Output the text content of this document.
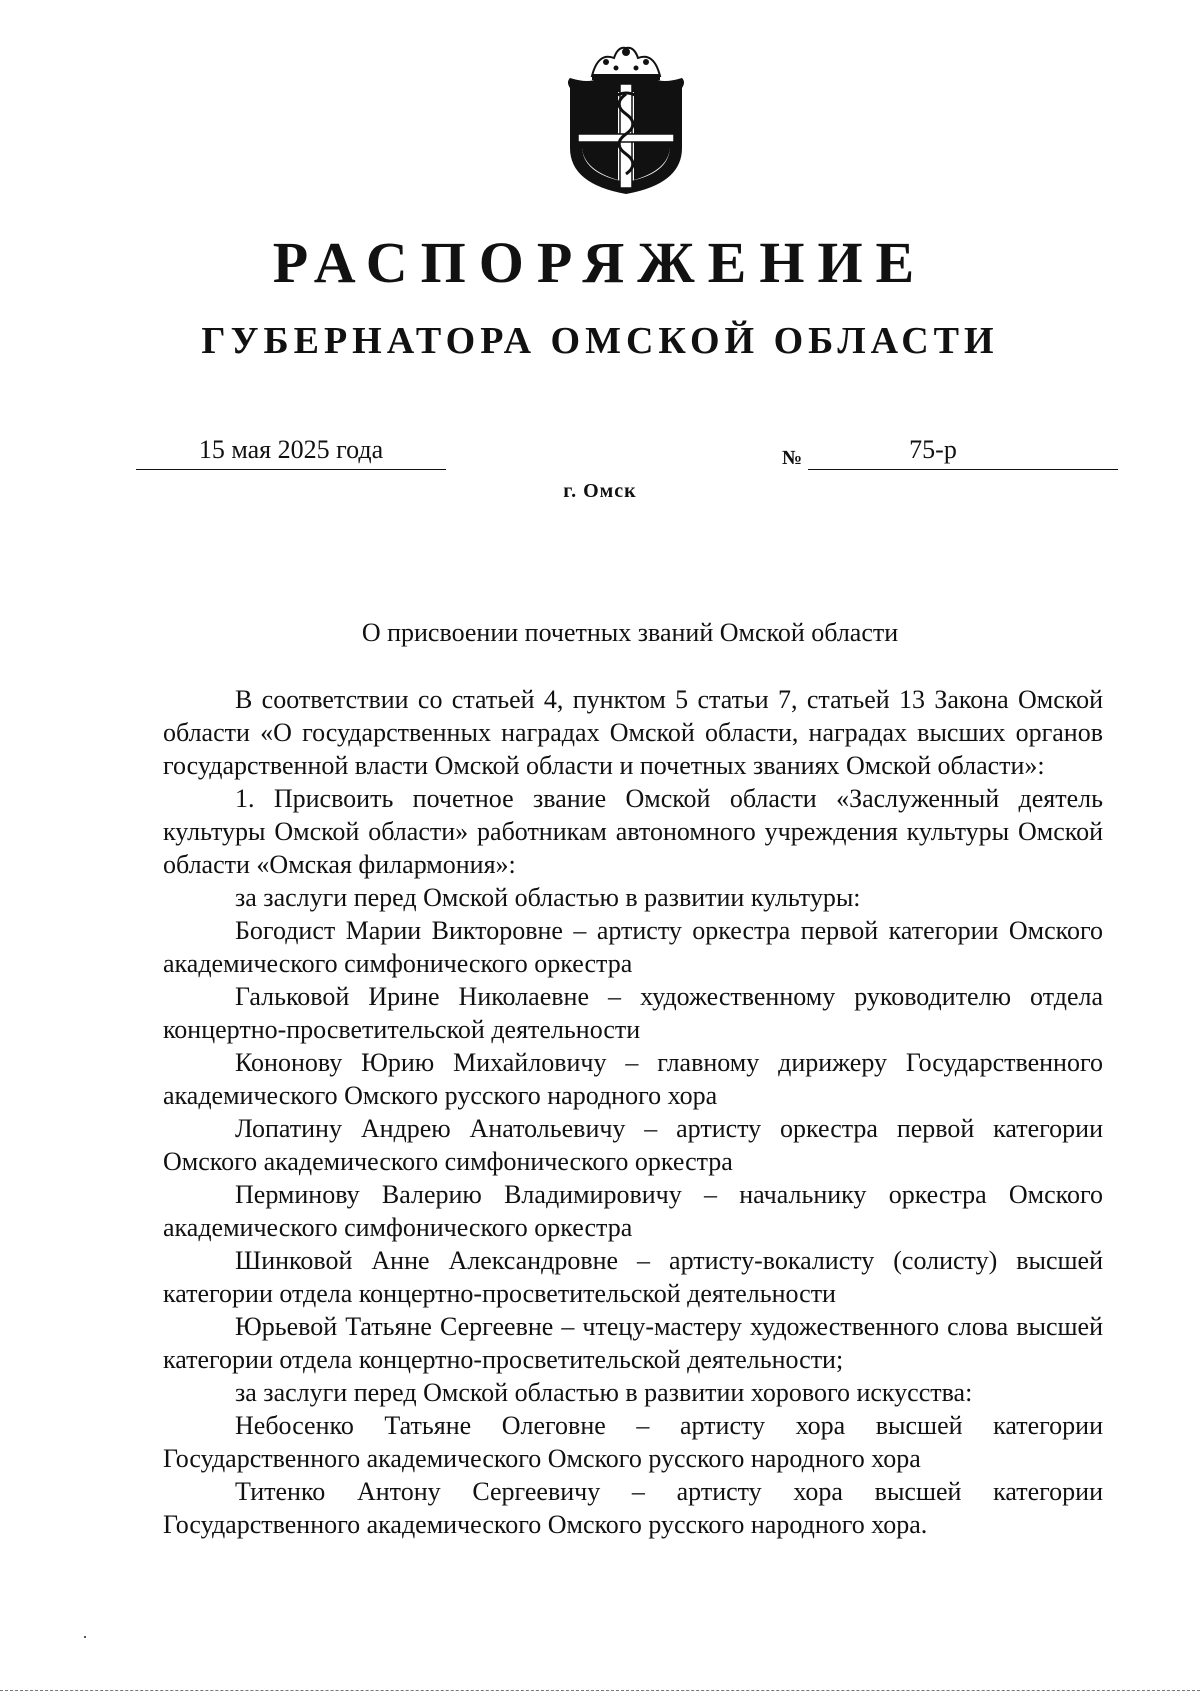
РАСПОРЯЖЕНИЕ
ГУБЕРНАТОРА ОМСКОЙ ОБЛАСТИ
15 мая 2025 года	№	75-р
г. Омск
О присвоении почетных званий Омской области

В соответствии со статьей 4, пунктом 5 статьи 7, статьей 13 Закона Омской области «О государственных наградах Омской области, наградах высших органов государственной власти Омской области и почетных званиях Омской области»:

1. Присвоить почетное звание Омской области «Заслуженный деятель культуры Омской области» работникам автономного учреждения культуры Омской области «Омская филармония»:

за заслуги перед Омской областью в развитии культуры:

Богодист Марии Викторовне – артисту оркестра первой категории Омского академического симфонического оркестра

Гальковой Ирине Николаевне – художественному руководителю отдела концертно-просветительской деятельности

Кононову Юрию Михайловичу – главному дирижеру Государственного академического Омского русского народного хора

Лопатину Андрею Анатольевичу – артисту оркестра первой категории Омского академического симфонического оркестра

Перминову Валерию Владимировичу – начальнику оркестра Омского академического симфонического оркестра

Шинковой Анне Александровне – артисту-вокалисту (солисту) высшей категории отдела концертно-просветительской деятельности

Юрьевой Татьяне Сергеевне – чтецу-мастеру художественного слова высшей категории отдела концертно-просветительской деятельности;

за заслуги перед Омской областью в развитии хорового искусства:

Небосенко Татьяне Олеговне – артисту хора высшей категории Государственного академического Омского русского народного хора

Титенко Антону Сергеевичу – артисту хора высшей категории Государственного академического Омского русского народного хора.
